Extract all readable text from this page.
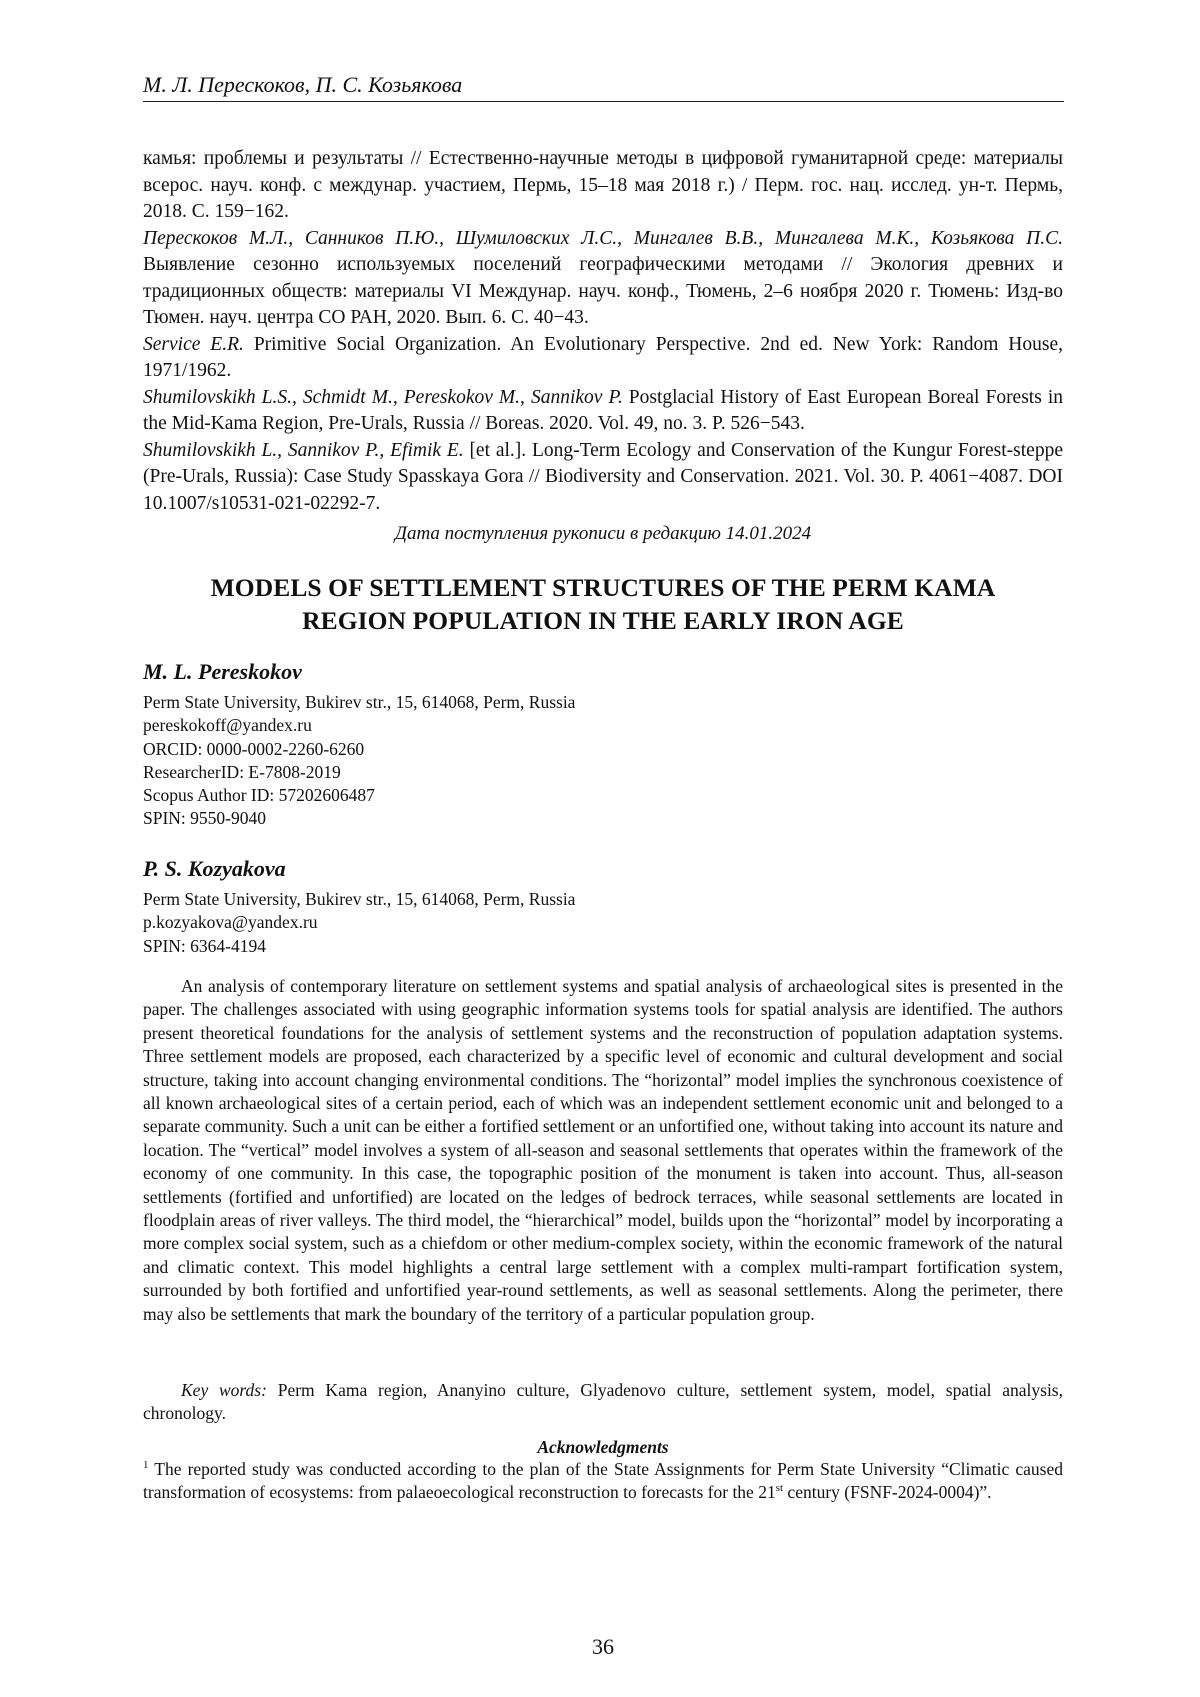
М. Л. Перескоков, П. С. Козьякова

камья: проблемы и результаты // Естественно-научные методы в цифровой гуманитарной среде: материалы всерос. науч. конф. с междунар. участием, Пермь, 15–18 мая 2018 г.) / Перм. гос. нац. исслед. ун-т. Пермь, 2018. С. 159−162.

Перескоков М.Л., Санников П.Ю., Шумиловских Л.С., Мингалев В.В., Мингалева М.К., Козьякова П.С. Выявление сезонно используемых поселений географическими методами // Экология древних и традиционных обществ: материалы VI Междунар. науч. конф., Тюмень, 2–6 ноября 2020 г. Тюмень: Изд-во Тюмен. науч. центра СО РАН, 2020. Вып. 6. С. 40−43.

Service E.R. Primitive Social Organization. An Evolutionary Perspective. 2nd ed. New York: Random House, 1971/1962.

Shumilovskikh L.S., Schmidt M., Pereskokov M., Sannikov P. Postglacial History of East European Boreal Forests in the Mid-Kama Region, Pre-Urals, Russia // Boreas. 2020. Vol. 49, no. 3. P. 526−543.

Shumilovskikh L., Sannikov P., Efimik E. [et al.]. Long-Term Ecology and Conservation of the Kungur Forest-steppe (Pre-Urals, Russia): Case Study Spasskaya Gora // Biodiversity and Conservation. 2021. Vol. 30. P. 4061−4087. DOI 10.1007/s10531-021-02292-7.

Дата поступления рукописи в редакцию 14.01.2024
MODELS OF SETTLEMENT STRUCTURES OF THE PERM KAMA
REGION POPULATION IN THE EARLY IRON AGE

M. L. Pereskokov

Perm State University, Bukirev str., 15, 614068, Perm, Russia

pereskokoff@yandex.ru

ORCID: 0000-0002-2260-6260

ResearcherID: E-7808-2019

Scopus Author ID: 57202606487

SPIN: 9550-9040

P. S. Kozyakova

Perm State University, Bukirev str., 15, 614068, Perm, Russia

p.kozyakova@yandex.ru

SPIN: 6364-4194

An analysis of contemporary literature on settlement systems and spatial analysis of archaeological sites is presented in the paper. The challenges associated with using geographic information systems tools for spatial analysis are identified. The authors present theoretical foundations for the analysis of settlement systems and the reconstruction of population adaptation systems. Three settlement models are proposed, each characterized by a specific level of economic and cultural development and social structure, taking into account changing environmental conditions. The “horizontal” model implies the synchronous coexistence of all known archaeological sites of a certain period, each of which was an independent settlement economic unit and belonged to a separate community. Such a unit can be either a fortified settlement or an unfortified one, without taking into account its nature and location. The “vertical” model involves a system of all-season and seasonal settlements that operates within the framework of the economy of one community. In this case, the topographic position of the monument is taken into account. Thus, all-season settlements (fortified and unfortified) are located on the ledges of bedrock terraces, while seasonal settlements are located in floodplain areas of river valleys. The third model, the “hierarchical” model, builds upon the “horizontal” model by incorporating a more complex social system, such as a chiefdom or other medium-complex society, within the economic framework of the natural and climatic context. This model highlights a central large settlement with a complex multi-rampart fortification system, surrounded by both fortified and unfortified year-round settlements, as well as seasonal settlements. Along the perimeter, there may also be settlements that mark the boundary of the territory of a particular population group.

Key words: Perm Kama region, Ananyino culture, Glyadenovo culture, settlement system, model, spatial analysis, chronology.

Acknowledgments

$^1$ The reported study was conducted according to the plan of the State Assignments for Perm State University “Climatic caused transformation of ecosystems: from palaeoecological reconstruction to forecasts for the 21st century (FSNF-2024-0004)”.

36
